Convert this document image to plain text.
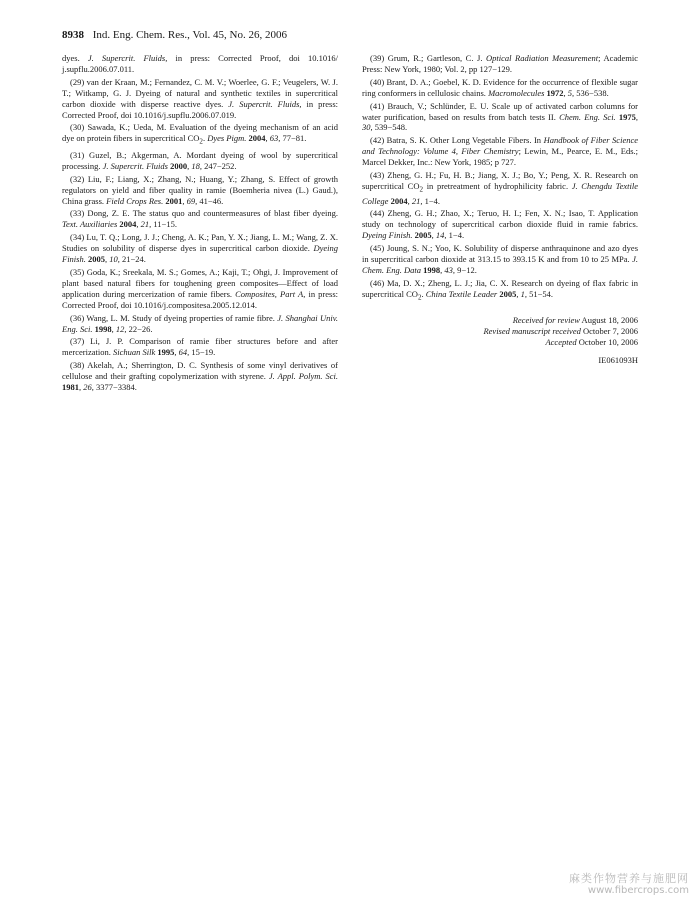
8938 Ind. Eng. Chem. Res., Vol. 45, No. 26, 2006

dyes. J. Supercrit. Fluids, in press: Corrected Proof, doi 10.1016/ j.supflu.2006.07.011.

(29) van der Kraan, M.; Fernandez, C. M. V.; Woerlee, G. F.; Veugelers, W. J. T.; Witkamp, G. J. Dyeing of natural and synthetic textiles in supercritical carbon dioxide with disperse reactive dyes. J. Supercrit. Fluids, in press: Corrected Proof, doi 10.1016/j.supflu.2006.07.019.

(30) Sawada, K.; Ueda, M. Evaluation of the dyeing mechanism of an acid dye on protein fibers in supercritical $CO_2$. Dyes Pigm. 2004, 63, 77−81.

(31) Guzel, B.; Akgerman, A. Mordant dyeing of wool by supercritical processing. J. Supercrit. Fluids 2000, 18, 247−252.

(32) Liu, F.; Liang, X.; Zhang, N.; Huang, Y.; Zhang, S. Effect of growth regulators on yield and fiber quality in ramie (Boemheria nivea (L.) Gaud.), China grass. Field Crops Res. 2001, 69, 41−46.

(33) Dong, Z. E. The status quo and countermeasures of blast fiber dyeing. Text. Auxiliaries 2004, 21, 11−15.

(34) Lu, T. Q.; Long, J. J.; Cheng, A. K.; Pan, Y. X.; Jiang, L. M.; Wang, Z. X. Studies on solubility of disperse dyes in supercritical carbon dioxide. Dyeing Finish. 2005, 10, 21−24.

(35) Goda, K.; Sreekala, M. S.; Gomes, A.; Kaji, T.; Ohgi, J. Improvement of plant based natural fibers for toughening green composites—Effect of load application during mercerization of ramie fibers. Composites, Part A, in press: Corrected Proof, doi 10.1016/j.compositesa.2005.12.014.

(36) Wang, L. M. Study of dyeing properties of ramie fibre. J. Shanghai Univ. Eng. Sci. 1998, 12, 22−26.

(37) Li, J. P. Comparison of ramie fiber structures before and after mercerization. Sichuan Silk 1995, 64, 15−19.

(38) Akelah, A.; Sherrington, D. C. Synthesis of some vinyl derivatives of cellulose and their grafting copolymerization with styrene. J. Appl. Polym. Sci. 1981, 26, 3377−3384.

(39) Grum, R.; Gartleson, C. J. Optical Radiation Measurement; Academic Press: New York, 1980; Vol. 2, pp 127−129.

(40) Brant, D. A.; Goebel, K. D. Evidence for the occurrence of flexible sugar ring conformers in cellulosic chains. Macromolecules 1972, 5, 536−538.

(41) Brauch, V.; Schlünder, E. U. Scale up of activated carbon columns for water purification, based on results from batch tests II. Chem. Eng. Sci. 1975, 30, 539−548.

(42) Batra, S. K. Other Long Vegetable Fibers. In Handbook of Fiber Science and Technology: Volume 4, Fiber Chemistry; Lewin, M., Pearce, E. M., Eds.; Marcel Dekker, Inc.: New York, 1985; p 727.

(43) Zheng, G. H.; Fu, H. B.; Jiang, X. J.; Bo, Y.; Peng, X. R. Research on supercritical $CO_2$ in pretreatment of hydrophilicity fabric. J. Chengdu Textile College 2004, 21, 1−4.

(44) Zheng, G. H.; Zhao, X.; Teruo, H. I.; Fen, X. N.; Isao, T. Application study on technology of supercritical carbon dioxide fluid in ramie fabrics. Dyeing Finish. 2005, 14, 1−4.

(45) Joung, S. N.; Yoo, K. Solubility of disperse anthraquinone and azo dyes in supercritical carbon dioxide at 313.15 to 393.15 K and from 10 to 25 MPa. J. Chem. Eng. Data 1998, 43, 9−12.

(46) Ma, D. X.; Zheng, L. J.; Jia, C. X. Research on dyeing of flax fabric in supercritical $CO_2$. China Textile Leader 2005, 1, 51−54.

Received for review August 18, 2006
Revised manuscript received October 7, 2006
Accepted October 10, 2006
IE061093H
麻类作物营养与施肥网
www.fibercrops.com
